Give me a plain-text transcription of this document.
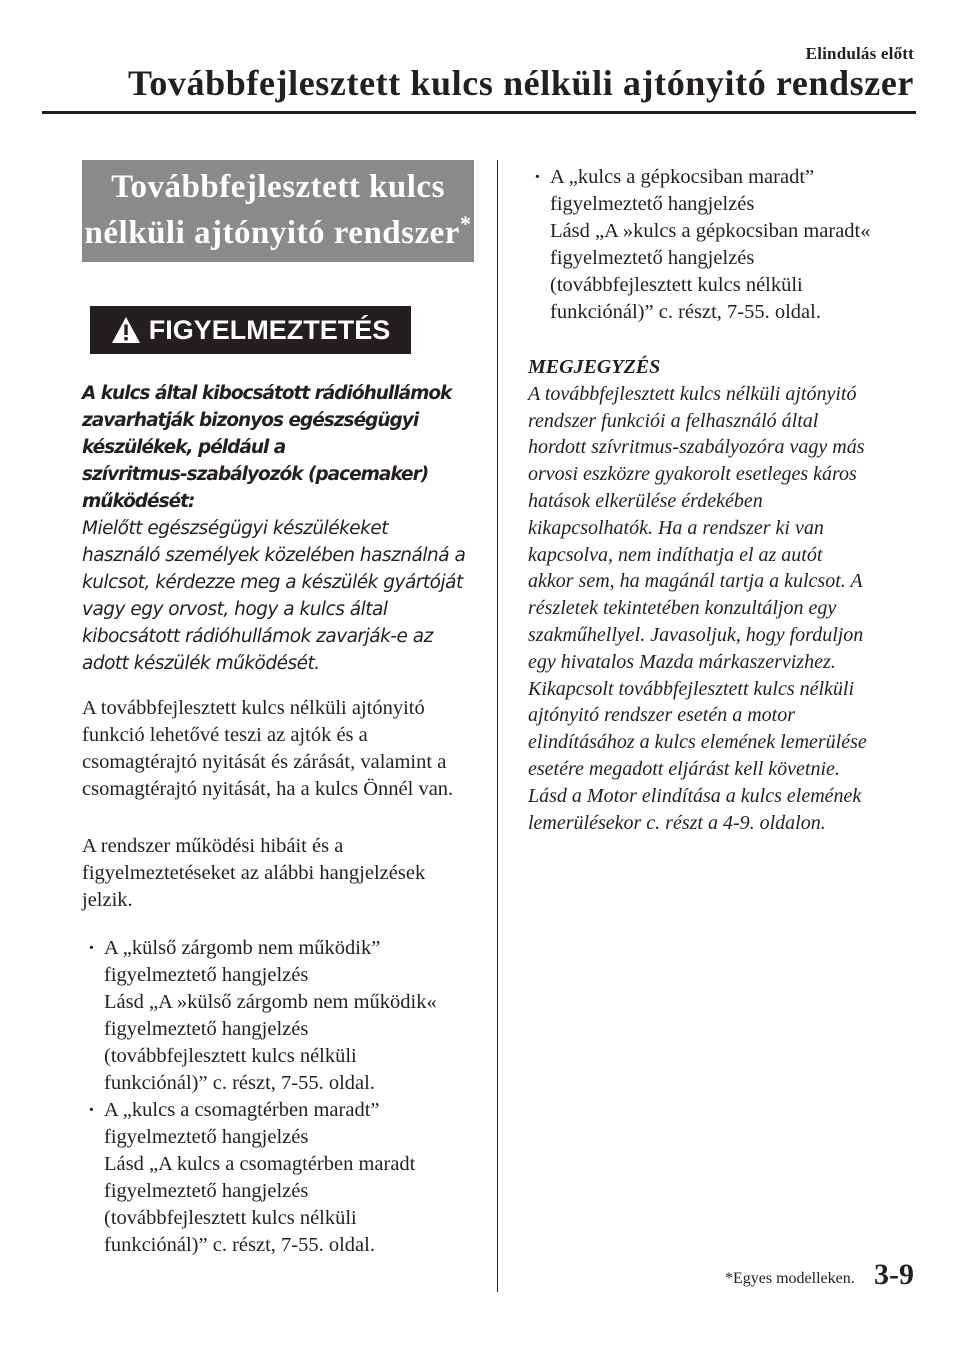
Elindulás előtt
Továbbfejlesztett kulcs nélküli ajtónyitó rendszer
Továbbfejlesztett kulcs
nélküli ajtónyitó rendszer*
FIGYELMEZTETÉS
A kulcs által kibocsátott rádióhullámok
zavarhatják bizonyos egészségügyi
készülékek, például a
szívritmus-szabályozók (pacemaker)
működését:
Mielőtt egészségügyi készülékeket
használó személyek közelében használná a
kulcsot, kérdezze meg a készülék gyártóját
vagy egy orvost, hogy a kulcs által
kibocsátott rádióhullámok zavarják-e az
adott készülék működését.

A továbbfejlesztett kulcs nélküli ajtónyitó funkció lehetővé teszi az ajtók és a csomagtérajtó nyitását és zárását, valamint a csomagtérajtó nyitását, ha a kulcs Önnél van.

A rendszer működési hibáit és a figyelmeztetéseket az alábbi hangjelzések jelzik.

· A „külső zárgomb nem működik”
figyelmeztető hangjelzés
Lásd „A »külső zárgomb nem működik«
figyelmeztető hangjelzés
(továbbfejlesztett kulcs nélküli
funkciónál)” c. részt, 7-55. oldal.
· A „kulcs a csomagtérben maradt”
figyelmeztető hangjelzés
Lásd „A kulcs a csomagtérben maradt
figyelmeztető hangjelzés
(továbbfejlesztett kulcs nélküli
funkciónál)” c. részt, 7-55. oldal.
· A „kulcs a gépkocsiban maradt”
figyelmeztető hangjelzés
Lásd „A »kulcs a gépkocsiban maradt«
figyelmeztető hangjelzés
(továbbfejlesztett kulcs nélküli
funkciónál)” c. részt, 7-55. oldal.
MEGJEGYZÉS
A továbbfejlesztett kulcs nélküli ajtónyitó
rendszer funkciói a felhasználó által
hordott szívritmus-szabályozóra vagy más
orvosi eszközre gyakorolt esetleges káros
hatások elkerülése érdekében
kikapcsolhatók. Ha a rendszer ki van
kapcsolva, nem indíthatja el az autót
akkor sem, ha magánál tartja a kulcsot. A
részletek tekintetében konzultáljon egy
szakműhellyel. Javasoljuk, hogy forduljon
egy hivatalos Mazda márkaszervizhez.
Kikapcsolt továbbfejlesztett kulcs nélküli
ajtónyitó rendszer esetén a motor
elindításához a kulcs elemének lemerülése
esetére megadott eljárást kell követnie.
Lásd a Motor elindítása a kulcs elemének
lemerülésekor c. részt a 4-9. oldalon.
*Egyes modelleken. 3-9
